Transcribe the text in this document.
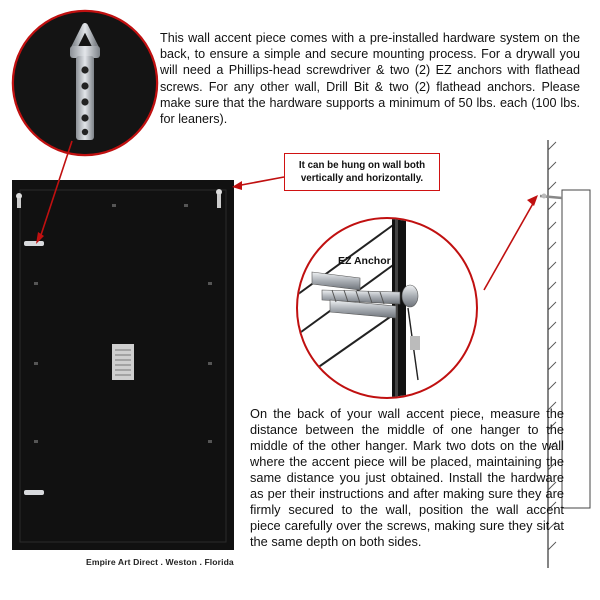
This wall accent piece comes with a pre-installed hardware system on the back, to ensure a simple and secure mounting process. For a drywall you will need a Phillips-head screwdriver & two (2) EZ anchors with flathead screws. For any other wall, Drill Bit & two (2) flathead anchors. Please make sure that the hardware supports a minimum of 50 lbs. each (100 lbs. for leaners).
It can be hung on wall both vertically and horizontally.
EZ Anchor
On the back of your wall accent piece, measure the distance between the middle of one hanger to the middle of the other hanger. Mark two dots on the wall where the accent piece will be placed, maintaining the same distance you just obtained. Install the hardware as per their instructions and after making sure they are firmly secured to the wall, position the wall accent piece carefully over the screws, making sure they sit at the same depth on both sides.
Empire Art Direct . Weston . Florida
